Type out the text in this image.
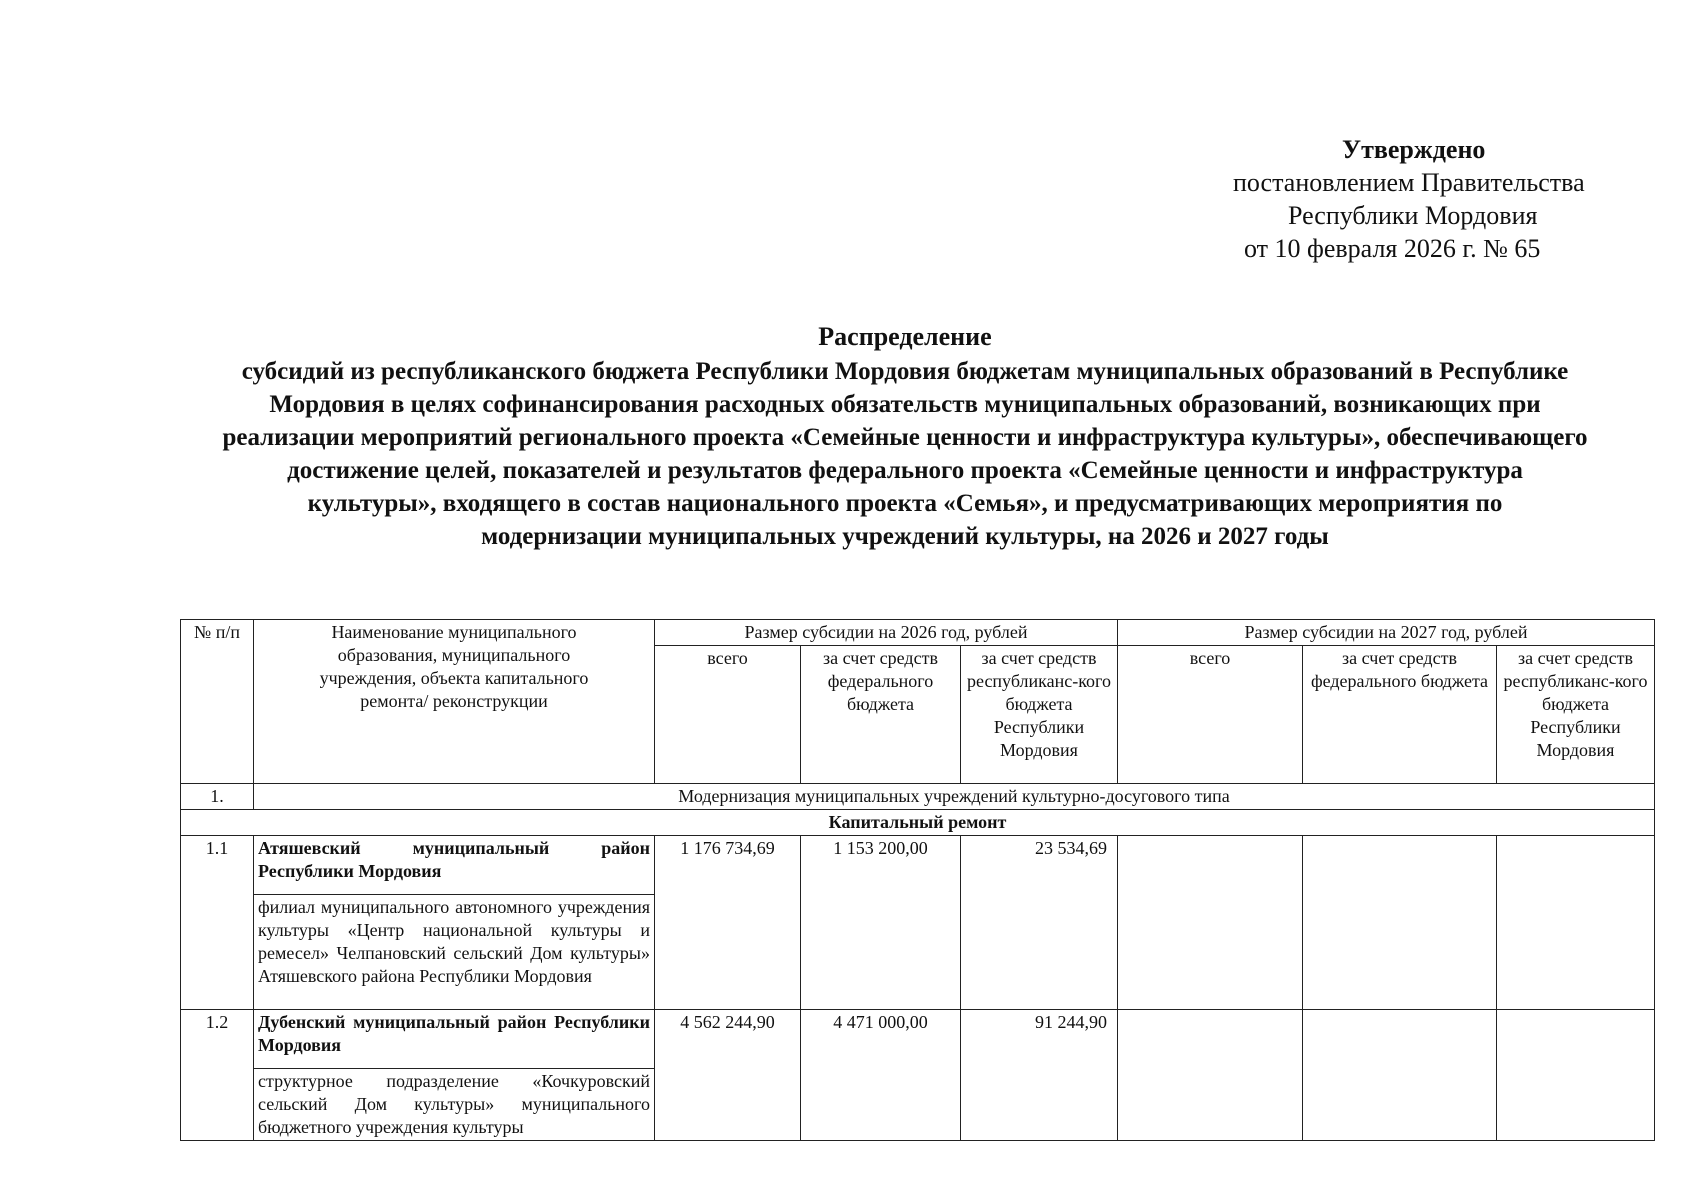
Утверждено
постановлением Правительства
Республики Мордовия
от 10 февраля 2026 г. № 65
Распределение
субсидий из республиканского бюджета Республики Мордовия бюджетам муниципальных образований в Республике
Мордовия в целях софинансирования расходных обязательств муниципальных образований, возникающих при
реализации мероприятий регионального проекта «Семейные ценности и инфраструктура культуры», обеспечивающего
достижение целей, показателей и результатов федерального проекта «Семейные ценности и инфраструктура
культуры», входящего в состав национального проекта «Семья», и предусматривающих мероприятия по
модернизации муниципальных учреждений культуры, на 2026 и 2027 годы
№ п/п	Наименование муниципального образования, муниципального учреждения, объекта капитального ремонта/ реконструкции	Размер субсидии на 2026 год, рублей			Размер субсидии на 2027 год, рублей		
		всего	за счет средств федерального бюджета	за счет средств республиканс-кого бюджета Республики Мордовия	всего	за счет средств федерального бюджета	за счет средств республиканс-кого бюджета Республики Мордовия
1.	Модернизация муниципальных учреждений культурно-досугового типа						
Капитальный ремонт							
1.1	Атяшевский муниципальный район Республики Мордовия	1 176 734,69	1 153 200,00	23 534,69			
	филиал муниципального автономного учреждения культуры «Центр национальной культуры и ремесел» Челпановский сельский Дом культуры» Атяшевского района Республики Мордовия						
1.2	Дубенский муниципальный район Республики Мордовия	4 562 244,90	4 471 000,00	91 244,90			
	структурное подразделение «Кочкуровский сельский Дом культуры» муниципального бюджетного учреждения культуры						
